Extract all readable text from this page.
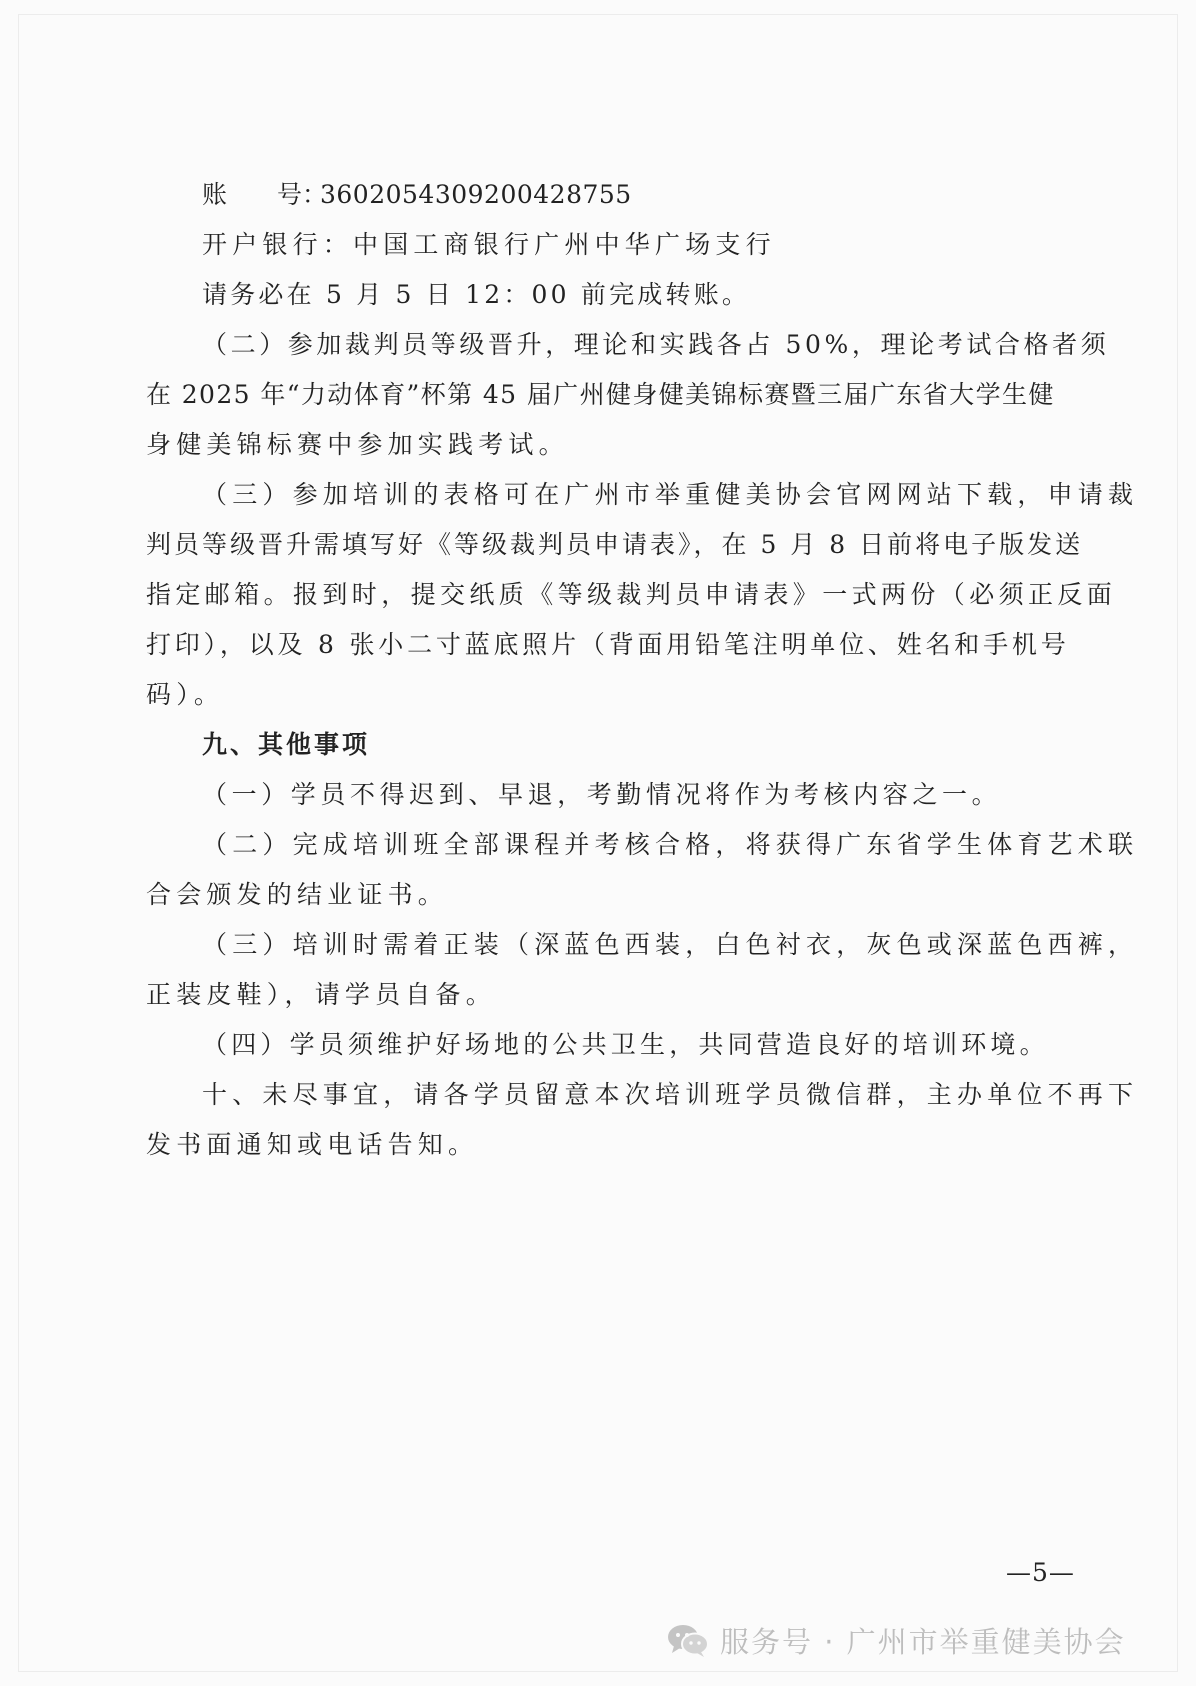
账 号：3602054309200428755
开户银行：中国工商银行广州中华广场支行
请务必在 5 月 5 日 12：00 前完成转账。
（二）参加裁判员等级晋升，理论和实践各占 50%，理论考试合格者须
在 2025 年“力动体育”杯第 45 届广州健身健美锦标赛暨三届广东省大学生健
身健美锦标赛中参加实践考试。
（三）参加培训的表格可在广州市举重健美协会官网网站下载，申请裁
判员等级晋升需填写好《等级裁判员申请表》，在 5 月 8 日前将电子版发送
指定邮箱。报到时，提交纸质《等级裁判员申请表》一式两份（必须正反面
打印），以及 8 张小二寸蓝底照片（背面用铅笔注明单位、姓名和手机号
码）。
九、其他事项
（一）学员不得迟到、早退，考勤情况将作为考核内容之一。
（二）完成培训班全部课程并考核合格，将获得广东省学生体育艺术联
合会颁发的结业证书。
（三）培训时需着正装（深蓝色西装，白色衬衣，灰色或深蓝色西裤，
正装皮鞋），请学员自备。
（四）学员须维护好场地的公共卫生，共同营造良好的培训环境。
十、未尽事宜，请各学员留意本次培训班学员微信群，主办单位不再下
发书面通知或电话告知。
—5—
服务号 · 广州市举重健美协会
